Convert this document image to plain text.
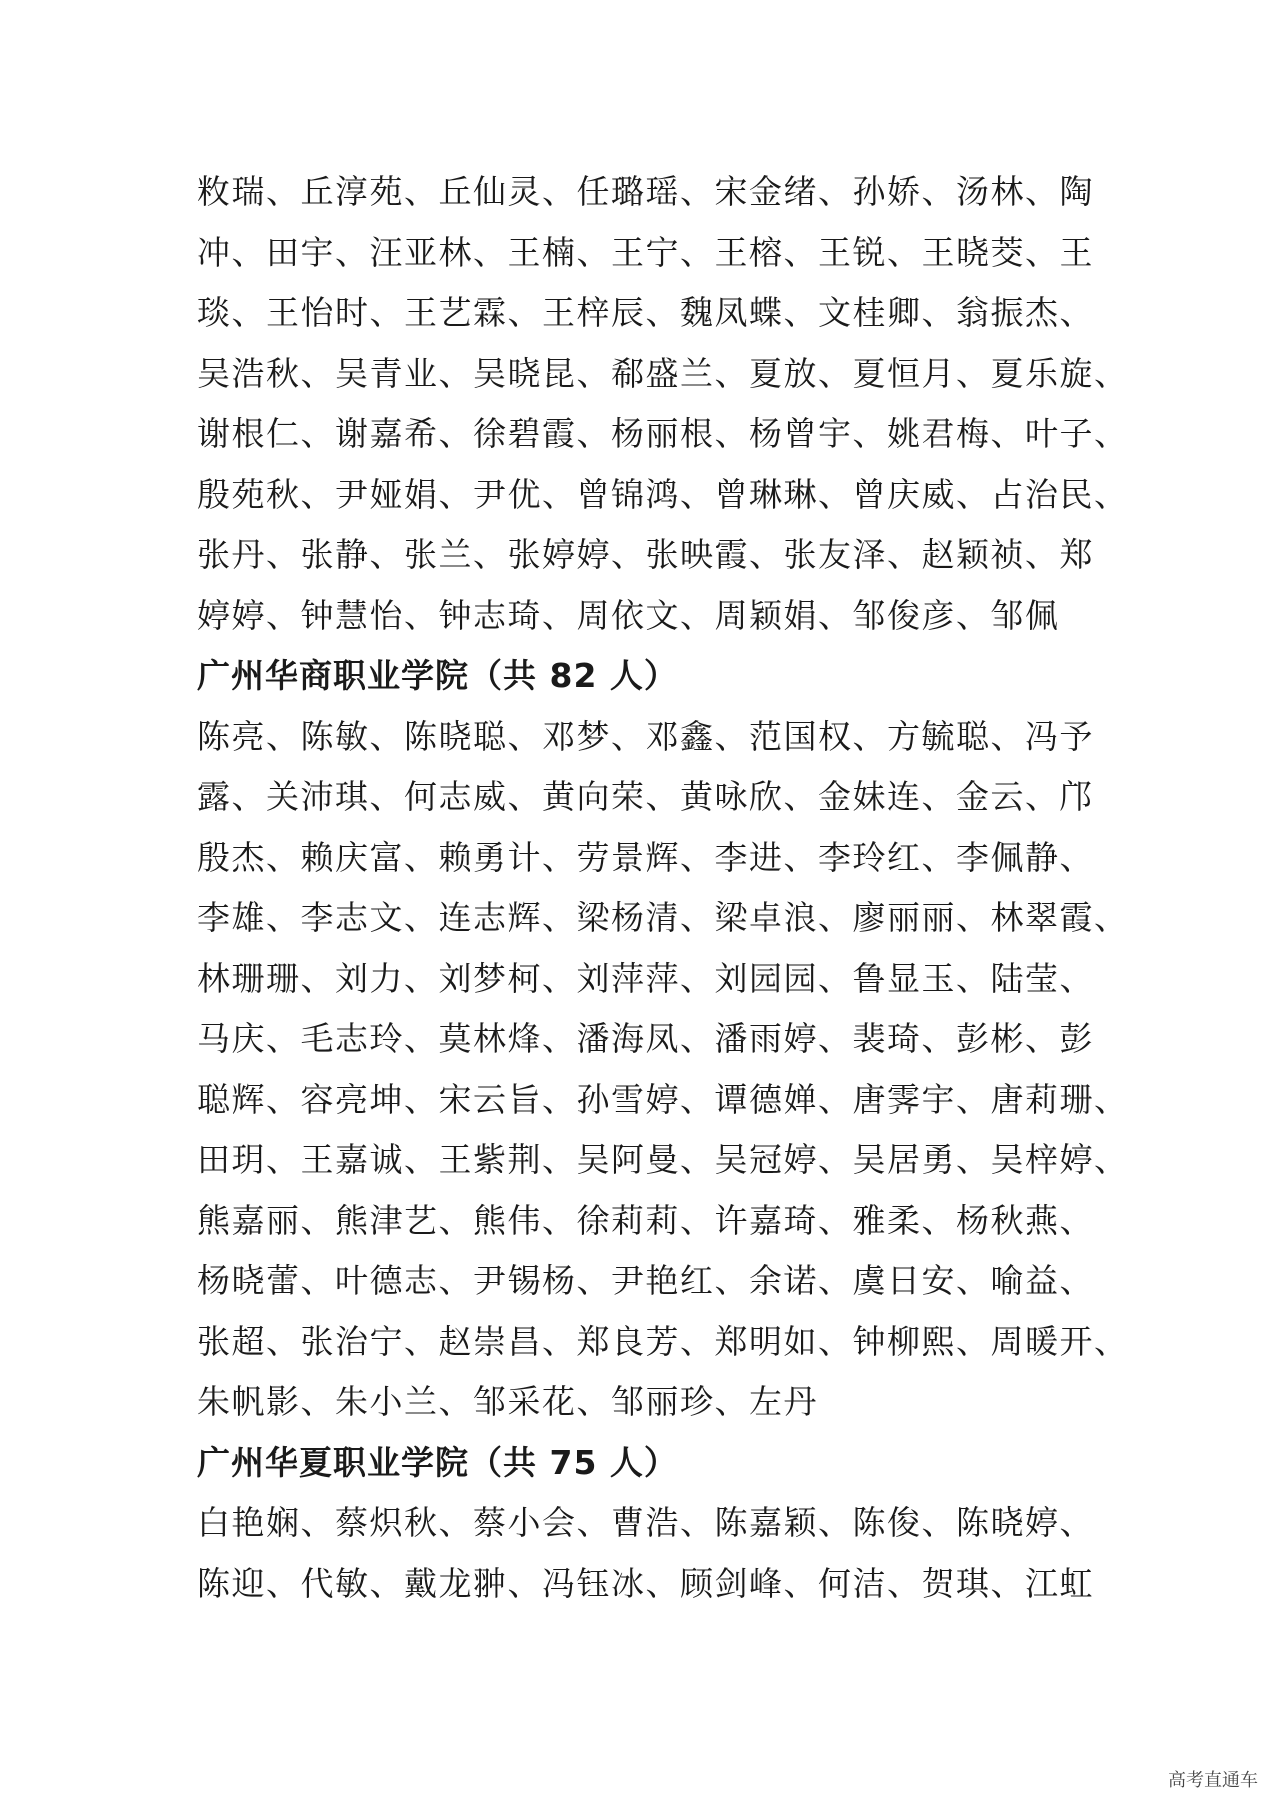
敉瑞、丘淳苑、丘仙灵、任璐瑶、宋金绪、孙娇、汤林、陶
冲、田宇、汪亚林、王楠、王宁、王榕、王锐、王晓茭、王
琰、王怡时、王艺霖、王梓辰、魏凤蝶、文桂卿、翁振杰、
吴浩秋、吴青业、吴晓昆、郗盛兰、夏放、夏恒月、夏乐旋、
谢根仁、谢嘉希、徐碧霞、杨丽根、杨曾宇、姚君梅、叶子、
殷苑秋、尹娅娟、尹优、曾锦鸿、曾琳琳、曾庆威、占治民、
张丹、张静、张兰、张婷婷、张映霞、张友泽、赵颖祯、郑
婷婷、钟慧怡、钟志琦、周依文、周颖娟、邹俊彦、邹佩
广州华商职业学院（共 82 人）
陈亮、陈敏、陈晓聪、邓梦、邓鑫、范国权、方毓聪、冯予
露、关沛琪、何志威、黄向荣、黄咏欣、金妹连、金云、邝
殷杰、赖庆富、赖勇计、劳景辉、李进、李玲红、李佩静、
李雄、李志文、连志辉、梁杨清、梁卓浪、廖丽丽、林翠霞、
林珊珊、刘力、刘梦柯、刘萍萍、刘园园、鲁显玉、陆莹、
马庆、毛志玲、莫林烽、潘海凤、潘雨婷、裴琦、彭彬、彭
聪辉、容亮坤、宋云旨、孙雪婷、谭德婵、唐霁宇、唐莉珊、
田玥、王嘉诚、王紫荆、吴阿曼、吴冠婷、吴居勇、吴梓婷、
熊嘉丽、熊津艺、熊伟、徐莉莉、许嘉琦、雅柔、杨秋燕、
杨晓蕾、叶德志、尹锡杨、尹艳红、余诺、虞日安、喻益、
张超、张治宁、赵崇昌、郑良芳、郑明如、钟柳熙、周暖开、
朱帆影、朱小兰、邹采花、邹丽珍、左丹
广州华夏职业学院（共 75 人）
白艳娴、蔡炽秋、蔡小会、曹浩、陈嘉颖、陈俊、陈晓婷、
陈迎、代敏、戴龙翀、冯钰冰、顾剑峰、何洁、贺琪、江虹
高考直通车
